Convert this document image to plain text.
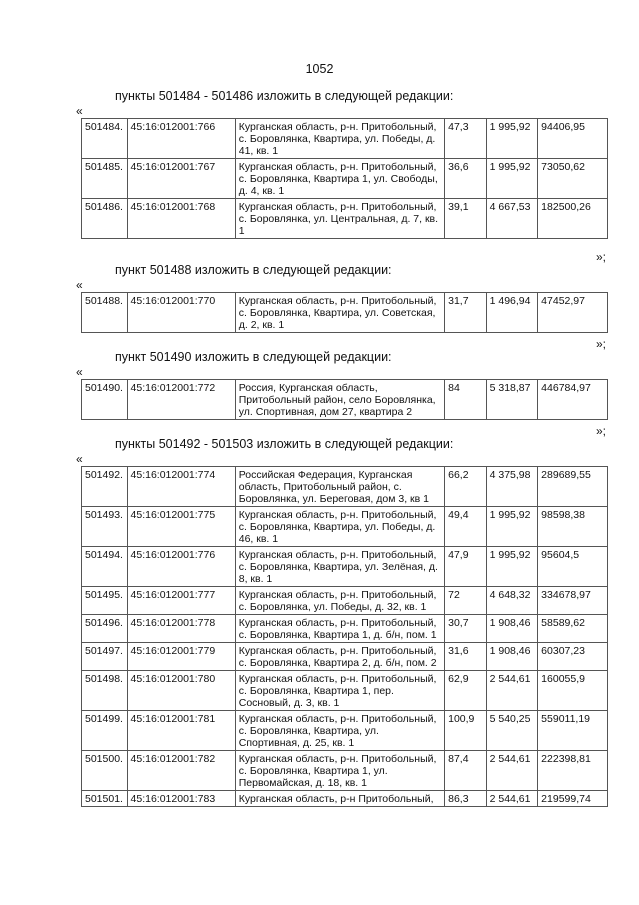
1052
пункты 501484 - 501486 изложить в следующей редакции:
«
501484.	45:16:012001:766	Курганская область, р-н. Притобольный, с. Боровлянка, Квартира, ул. Победы, д. 41, кв. 1	47,3	1 995,92	94406,95
501485.	45:16:012001:767	Курганская область, р-н. Притобольный, с. Боровлянка, Квартира 1, ул. Свободы, д. 4, кв. 1	36,6	1 995,92	73050,62
501486.	45:16:012001:768	Курганская область, р-н. Притобольный, с. Боровлянка, ул. Центральная, д. 7, кв. 1	39,1	4 667,53	182500,26
»;
пункт 501488 изложить в следующей редакции:
«
501488.	45:16:012001:770	Курганская область, р-н. Притобольный, с. Боровлянка, Квартира, ул. Советская, д. 2, кв. 1	31,7	1 496,94	47452,97
»;
пункт 501490 изложить в следующей редакции:
«
501490.	45:16:012001:772	Россия, Курганская область, Притобольный район, село Боровлянка, ул. Спортивная, дом 27, квартира 2	84	5 318,87	446784,97
»;
пункты 501492 - 501503 изложить в следующей редакции:
«
501492.	45:16:012001:774	Российская Федерация, Курганская область, Притобольный район, с. Боровлянка, ул. Береговая, дом 3, кв 1	66,2	4 375,98	289689,55
501493.	45:16:012001:775	Курганская область, р-н. Притобольный, с. Боровлянка, Квартира, ул. Победы, д. 46, кв. 1	49,4	1 995,92	98598,38
501494.	45:16:012001:776	Курганская область, р-н. Притобольный, с. Боровлянка, Квартира, ул. Зелёная, д. 8, кв. 1	47,9	1 995,92	95604,5
501495.	45:16:012001:777	Курганская область, р-н. Притобольный, с. Боровлянка, ул. Победы, д. 32, кв. 1	72	4 648,32	334678,97
501496.	45:16:012001:778	Курганская область, р-н. Притобольный, с. Боровлянка, Квартира 1, д. б/н, пом. 1	30,7	1 908,46	58589,62
501497.	45:16:012001:779	Курганская область, р-н. Притобольный, с. Боровлянка, Квартира 2, д. б/н, пом. 2	31,6	1 908,46	60307,23
501498.	45:16:012001:780	Курганская область, р-н. Притобольный, с. Боровлянка, Квартира 1, пер. Сосновый, д. 3, кв. 1	62,9	2 544,61	160055,9
501499.	45:16:012001:781	Курганская область, р-н. Притобольный, с. Боровлянка, Квартира, ул. Спортивная, д. 25, кв. 1	100,9	5 540,25	559011,19
501500.	45:16:012001:782	Курганская область, р-н. Притобольный, с. Боровлянка, Квартира 1, ул. Первомайская, д. 18, кв. 1	87,4	2 544,61	222398,81
501501.	45:16:012001:783	Курганская область, р-н Притобольный,	86,3	2 544,61	219599,74
